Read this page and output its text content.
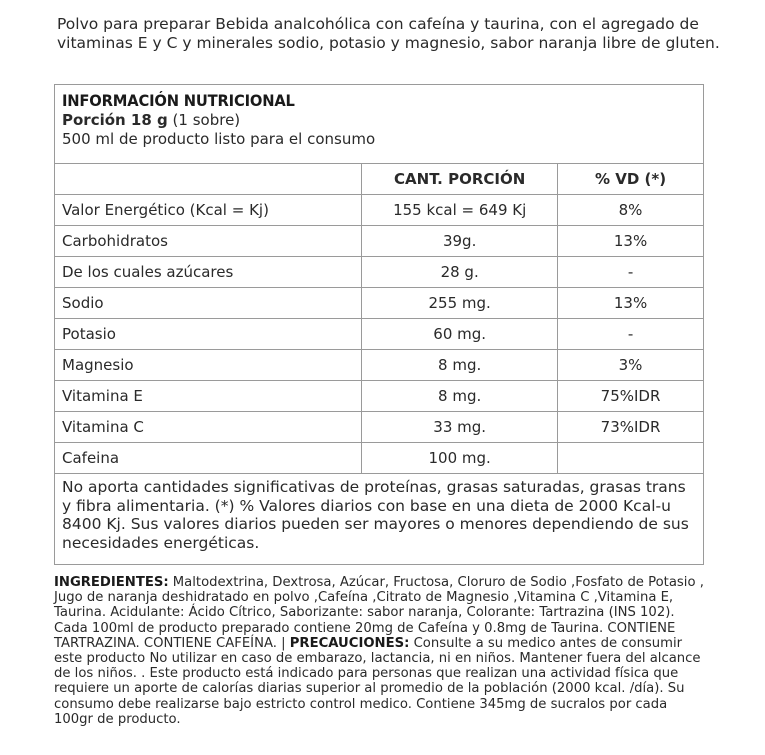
Polvo para preparar Bebida analcohólica con cafeína y taurina, con el agregado de vitaminas E y C y minerales sodio, potasio y magnesio, sabor naranja libre de gluten.
INFORMACIÓN NUTRICIONAL
Porción 18 g (1 sobre)
500 ml de producto listo para el consumo		

	CANT. PORCIÓN	% VD (*)
Valor Energético (Kcal = Kj)	155 kcal = 649 Kj	8%
Carbohidratos	39g.	13%
De los cuales azúcares	28 g.	-
Sodio	255 mg.	13%
Potasio	60 mg.	-
Magnesio	8 mg.	3%
Vitamina E	8 mg.	75%IDR
Vitamina C	33 mg.	73%IDR
Cafeina	100 mg.	
No aporta cantidades significativas de proteínas, grasas saturadas, grasas trans y fibra alimentaria. (*) % Valores diarios con base en una dieta de 2000 Kcal-u 8400 Kj. Sus valores diarios pueden ser mayores o menores dependiendo de sus necesidades energéticas.		
INGREDIENTES: Maltodextrina, Dextrosa, Azúcar, Fructosa, Cloruro de Sodio ,Fosfato de Potasio , Jugo de naranja deshidratado en polvo ,Cafeína ,Citrato de Magnesio ,Vitamina C ,Vitamina E, Taurina. Acidulante: Ácido Cítrico, Saborizante: sabor naranja, Colorante: Tartrazina (INS 102). Cada 100ml de producto preparado contiene 20mg de Cafeína y 0.8mg de Taurina. CONTIENE TARTRAZINA. CONTIENE CAFEÍNA. | PRECAUCIONES: Consulte a su medico antes de consumir este producto No utilizar en caso de embarazo, lactancia, ni en niños. Mantener fuera del alcance de los niños. . Este producto está indicado para personas que realizan una actividad física que requiere un aporte de calorías diarias superior al promedio de la población (2000 kcal. /día). Su consumo debe realizarse bajo estricto control medico. Contiene 345mg de sucralos por cada 100gr de producto.
